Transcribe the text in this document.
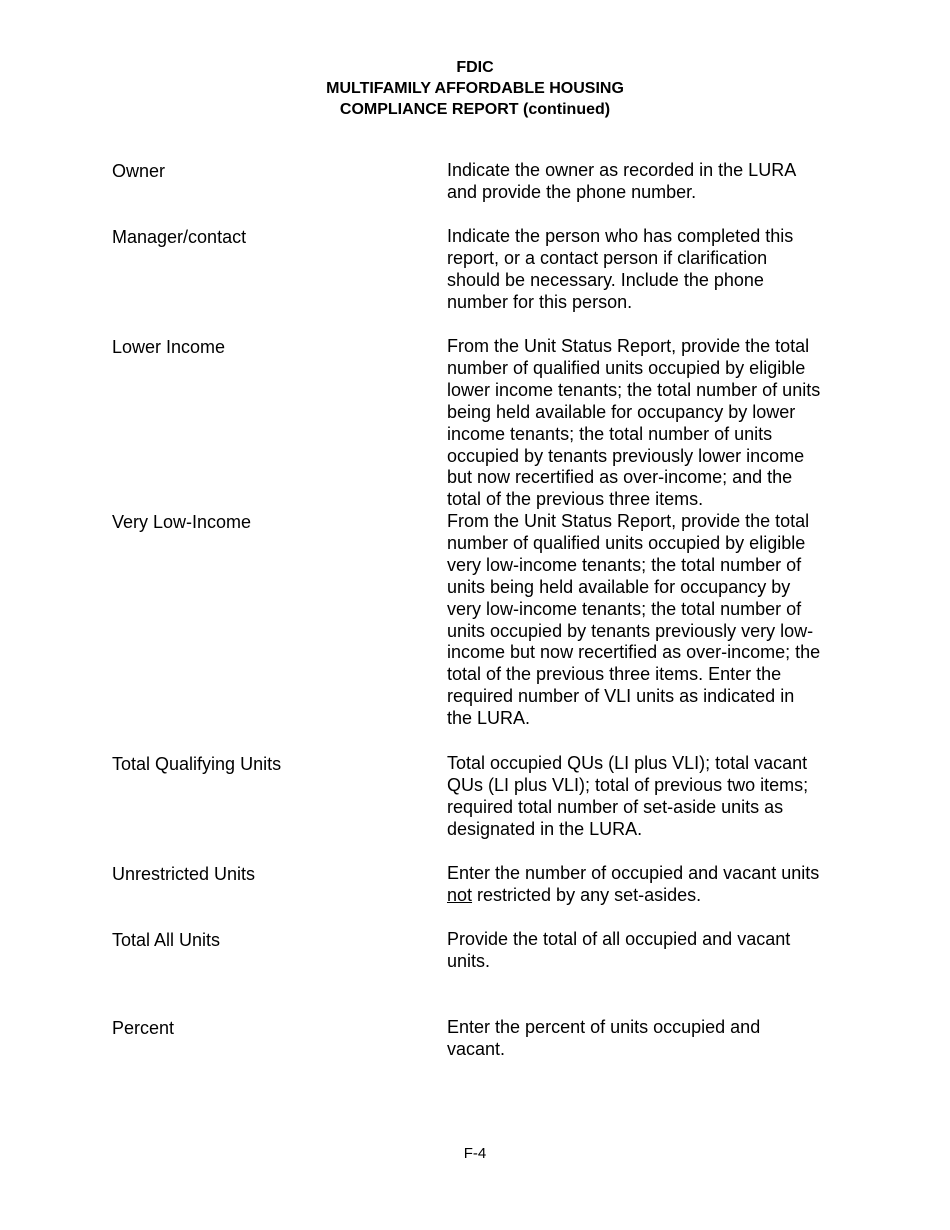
FDIC
MULTIFAMILY AFFORDABLE HOUSING
COMPLIANCE REPORT (continued)
Owner	Indicate the owner as recorded in the LURA
and provide the phone number.
Manager/contact	Indicate the person who has completed this
report, or a contact person if clarification
should be necessary. Include the phone
number for this person.
Lower Income	From the Unit Status Report, provide the total
number of qualified units occupied by eligible
lower income tenants; the total number of units
being held available for occupancy by lower
income tenants; the total number of units
occupied by tenants previously lower income
but now recertified as over-income; and the
total of the previous three items.
Very Low-Income	From the Unit Status Report, provide the total
number of qualified units occupied by eligible
very low-income tenants; the total number of
units being held available for occupancy by
very low-income tenants; the total number of
units occupied by tenants previously very low-
income but now recertified as over-income; the
total of the previous three items. Enter the
required number of VLI units as indicated in
the LURA.
Total Qualifying Units	Total occupied QUs (LI plus VLI); total vacant
QUs (LI plus VLI); total of previous two items;
required total number of set-aside units as
designated in the LURA.
Unrestricted Units	Enter the number of occupied and vacant units
not restricted by any set-asides.
Total All Units	Provide the total of all occupied and vacant
units.
Percent	Enter the percent of units occupied and
vacant.
F-4
